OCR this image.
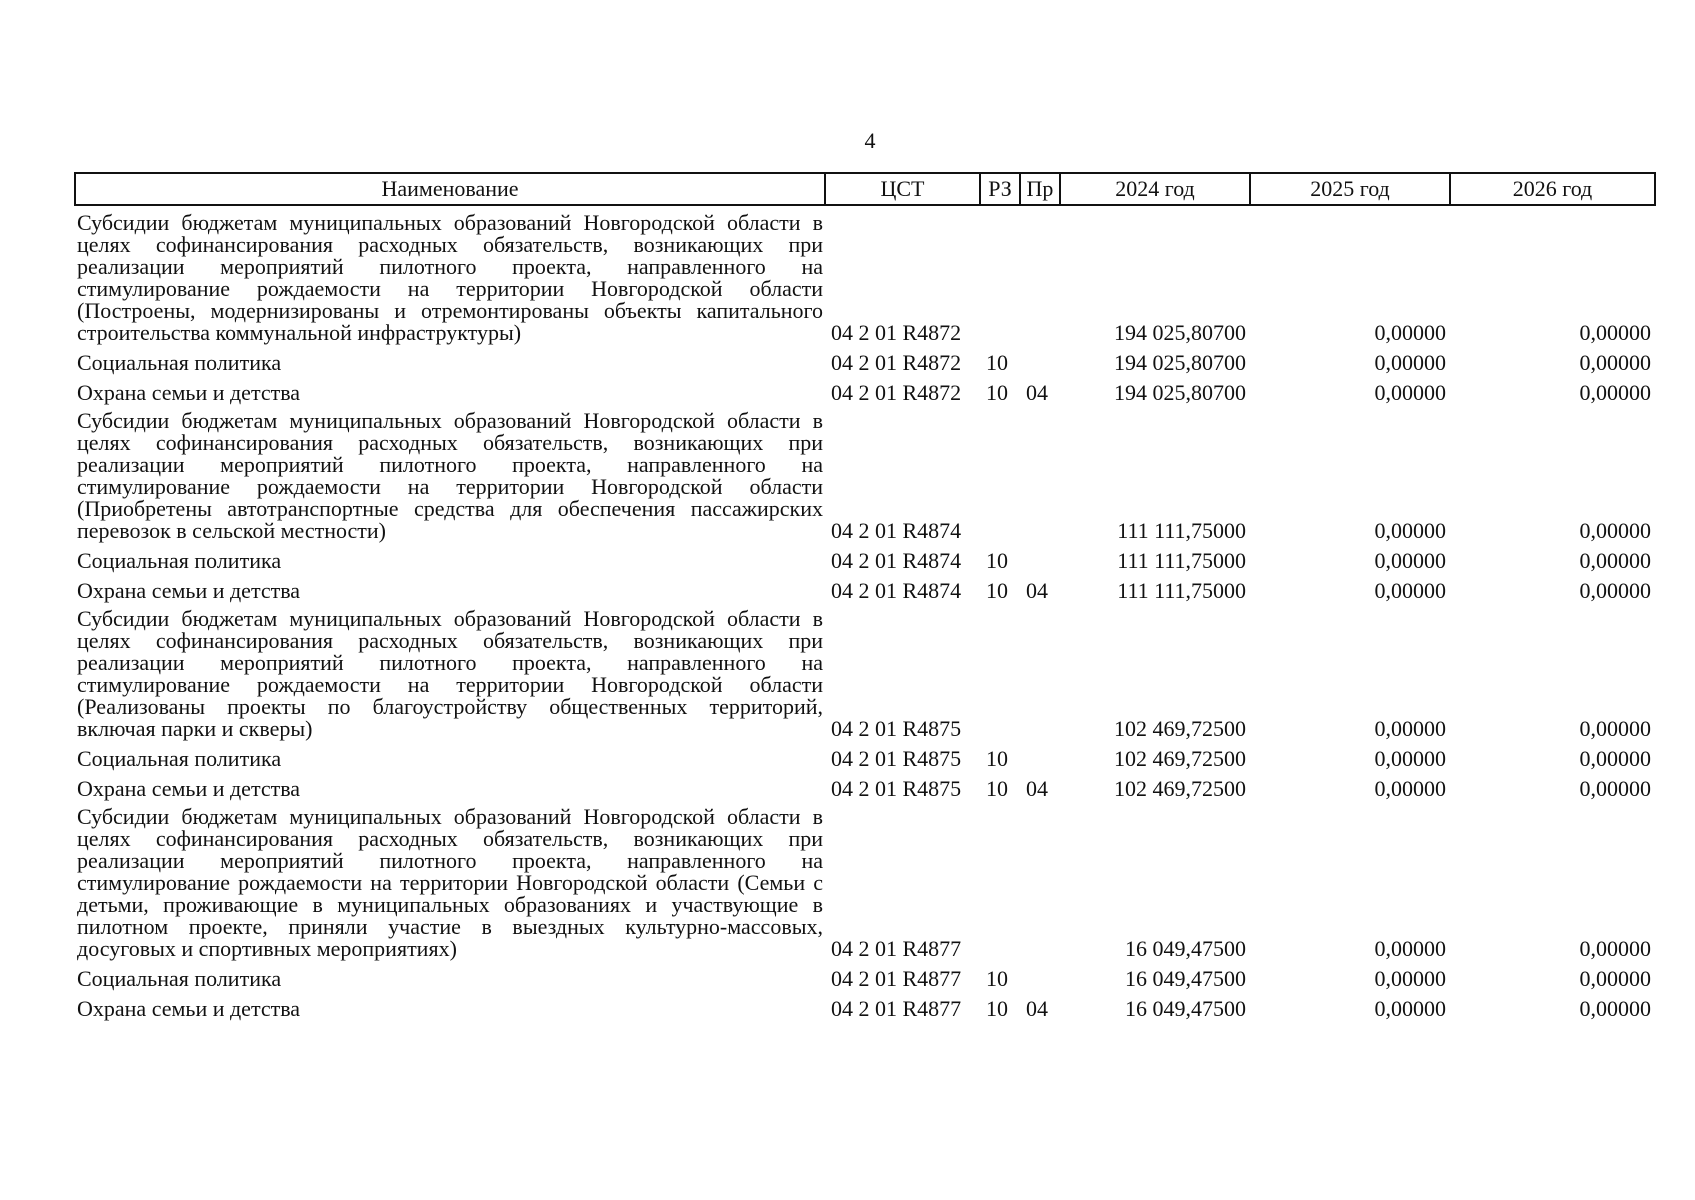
4
Наименование	ЦСТ	РЗ	Пр	2024 год	2025 год	2026 год
Субсидии бюджетам муниципальных образований Новгородской области в целях софинансирования расходных обязательств, возникающих при реализации мероприятий пилотного проекта, направленного на стимулирование рождаемости на территории Новгородской области (Построены, модернизированы и отремонтированы объекты капитального строительства коммунальной инфраструктуры)	04 2 01 R4872			194 025,80700	0,00000	0,00000
Социальная политика	04 2 01 R4872	10		194 025,80700	0,00000	0,00000
Охрана семьи и детства	04 2 01 R4872	10	04	194 025,80700	0,00000	0,00000
Субсидии бюджетам муниципальных образований Новгородской области в целях софинансирования расходных обязательств, возникающих при реализации мероприятий пилотного проекта, направленного на стимулирование рождаемости на территории Новгородской области (Приобретены автотранспортные средства для обеспечения пассажирских перевозок в сельской местности)	04 2 01 R4874			111 111,75000	0,00000	0,00000
Социальная политика	04 2 01 R4874	10		111 111,75000	0,00000	0,00000
Охрана семьи и детства	04 2 01 R4874	10	04	111 111,75000	0,00000	0,00000
Субсидии бюджетам муниципальных образований Новгородской области в целях софинансирования расходных обязательств, возникающих при реализации мероприятий пилотного проекта, направленного на стимулирование рождаемости на территории Новгородской области (Реализованы проекты по благоустройству общественных территорий, включая парки и скверы)	04 2 01 R4875			102 469,72500	0,00000	0,00000
Социальная политика	04 2 01 R4875	10		102 469,72500	0,00000	0,00000
Охрана семьи и детства	04 2 01 R4875	10	04	102 469,72500	0,00000	0,00000
Субсидии бюджетам муниципальных образований Новгородской области в целях софинансирования расходных обязательств, возникающих при реализации мероприятий пилотного проекта, направленного на стимулирование рождаемости на территории Новгородской области (Семьи с детьми, проживающие в муниципальных образованиях и участвующие в пилотном проекте, приняли участие в выездных культурно-массовых, досуговых и спортивных мероприятиях)	04 2 01 R4877			16 049,47500	0,00000	0,00000
Социальная политика	04 2 01 R4877	10		16 049,47500	0,00000	0,00000
Охрана семьи и детства	04 2 01 R4877	10	04	16 049,47500	0,00000	0,00000
